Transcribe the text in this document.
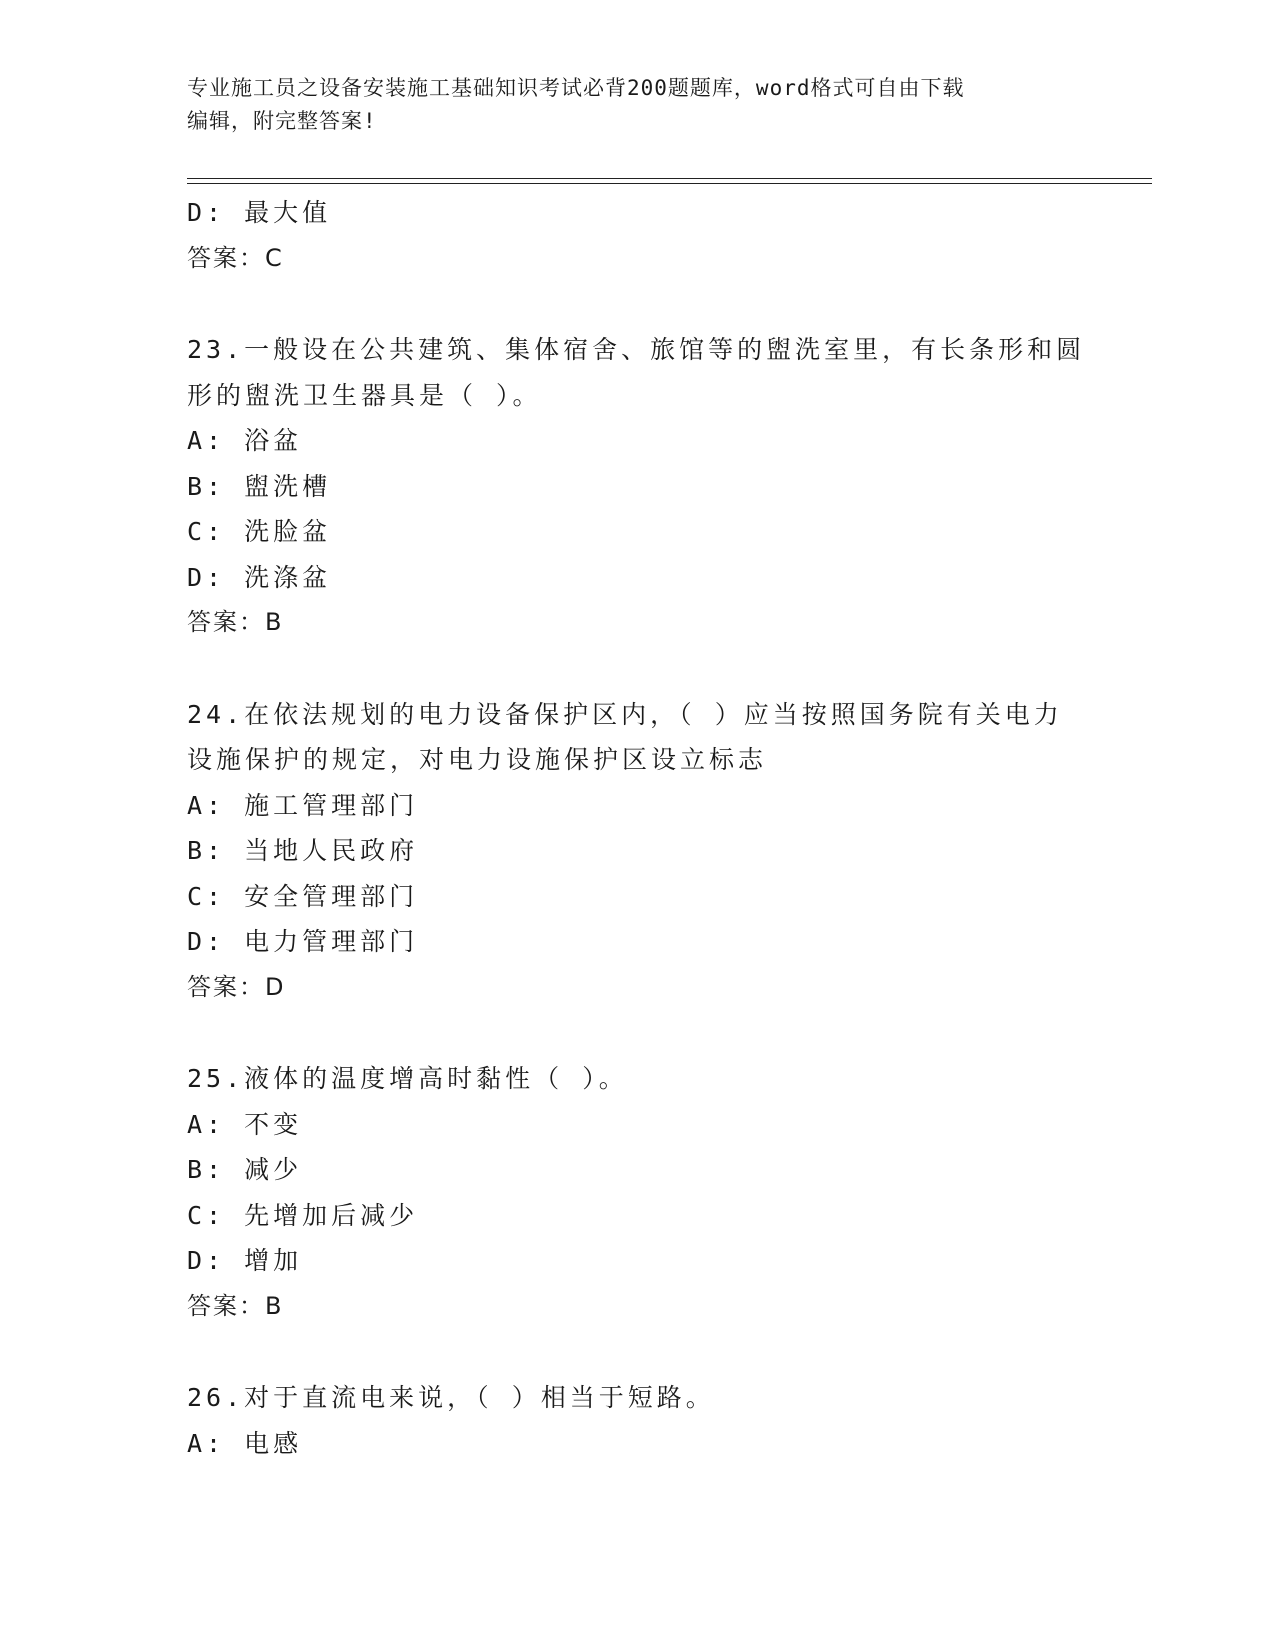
专业施工员之设备安装施工基础知识考试必背200题题库，word格式可自由下载
编辑，附完整答案!
D: 最大值
答案：C
23.一般设在公共建筑、集体宿舍、旅馆等的盥洗室里，有长条形和圆
形的盥洗卫生器具是（ ）。
A: 浴盆
B: 盥洗槽
C: 洗脸盆
D: 洗涤盆
答案：B
24.在依法规划的电力设备保护区内，（ ）应当按照国务院有关电力
设施保护的规定，对电力设施保护区设立标志
A: 施工管理部门
B: 当地人民政府
C: 安全管理部门
D: 电力管理部门
答案：D
25.液体的温度增高时黏性（ ）。
A: 不变
B: 减少
C: 先增加后减少
D: 增加
答案：B
26.对于直流电来说，（ ）相当于短路。
A: 电感
